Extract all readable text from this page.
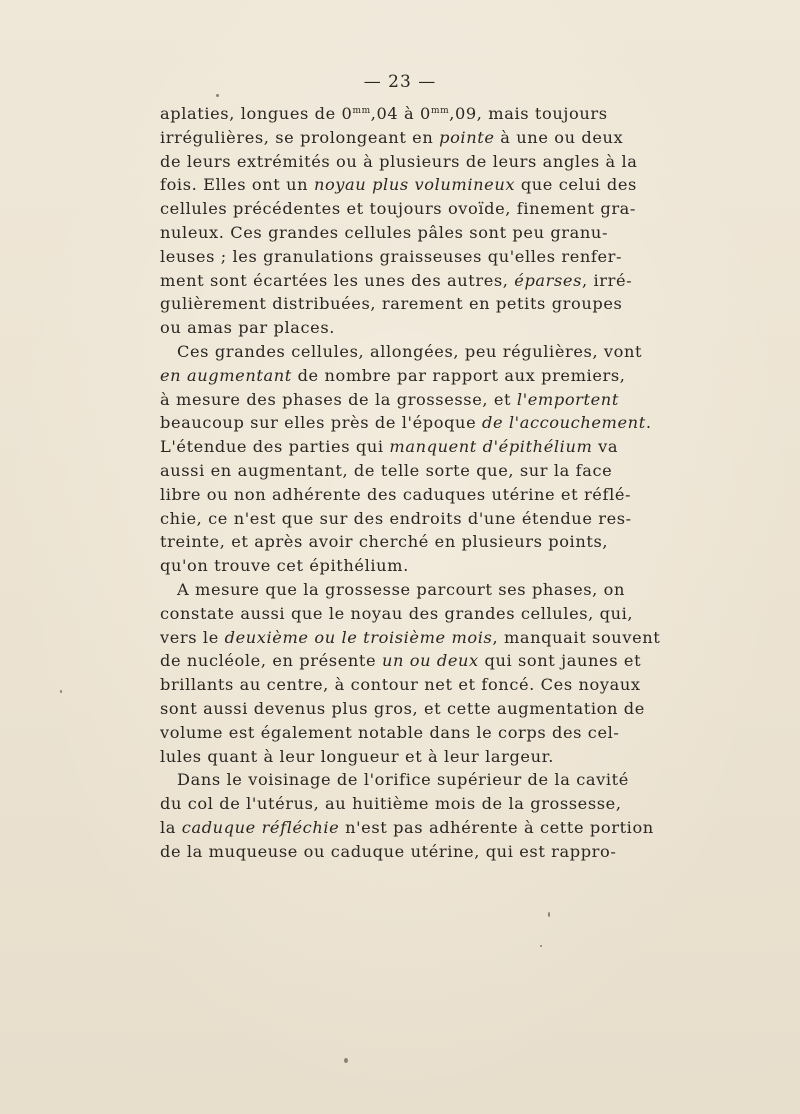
— 23 —
aplaties, longues de $0^{mm},04$ à $0^{mm},09$, mais toujours
irrégulières, se prolongeant en pointe à une ou deux
de leurs extrémités ou à plusieurs de leurs angles à la
fois. Elles ont un noyau plus volumineux que celui des
cellules précédentes et toujours ovoïde, finement gra-
nuleux. Ces grandes cellules pâles sont peu granu-
leuses ; les granulations graisseuses qu'elles renfer-
ment sont écartées les unes des autres, éparses, irré-
gulièrement distribuées, rarement en petits groupes
ou amas par places.
Ces grandes cellules, allongées, peu régulières, vont
en augmentant de nombre par rapport aux premiers,
à mesure des phases de la grossesse, et l'emportent
beaucoup sur elles près de l'époque de l'accouchement.
L'étendue des parties qui manquent d'épithélium va
aussi en augmentant, de telle sorte que, sur la face
libre ou non adhérente des caduques utérine et réflé-
chie, ce n'est que sur des endroits d'une étendue res-
treinte, et après avoir cherché en plusieurs points,
qu'on trouve cet épithélium.
A mesure que la grossesse parcourt ses phases, on
constate aussi que le noyau des grandes cellules, qui,
vers le deuxième ou le troisième mois, manquait souvent
de nucléole, en présente un ou deux qui sont jaunes et
brillants au centre, à contour net et foncé. Ces noyaux
sont aussi devenus plus gros, et cette augmentation de
volume est également notable dans le corps des cel-
lules quant à leur longueur et à leur largeur.
Dans le voisinage de l'orifice supérieur de la cavité
du col de l'utérus, au huitième mois de la grossesse,
la caduque réfléchie n'est pas adhérente à cette portion
de la muqueuse ou caduque utérine, qui est rappro-
